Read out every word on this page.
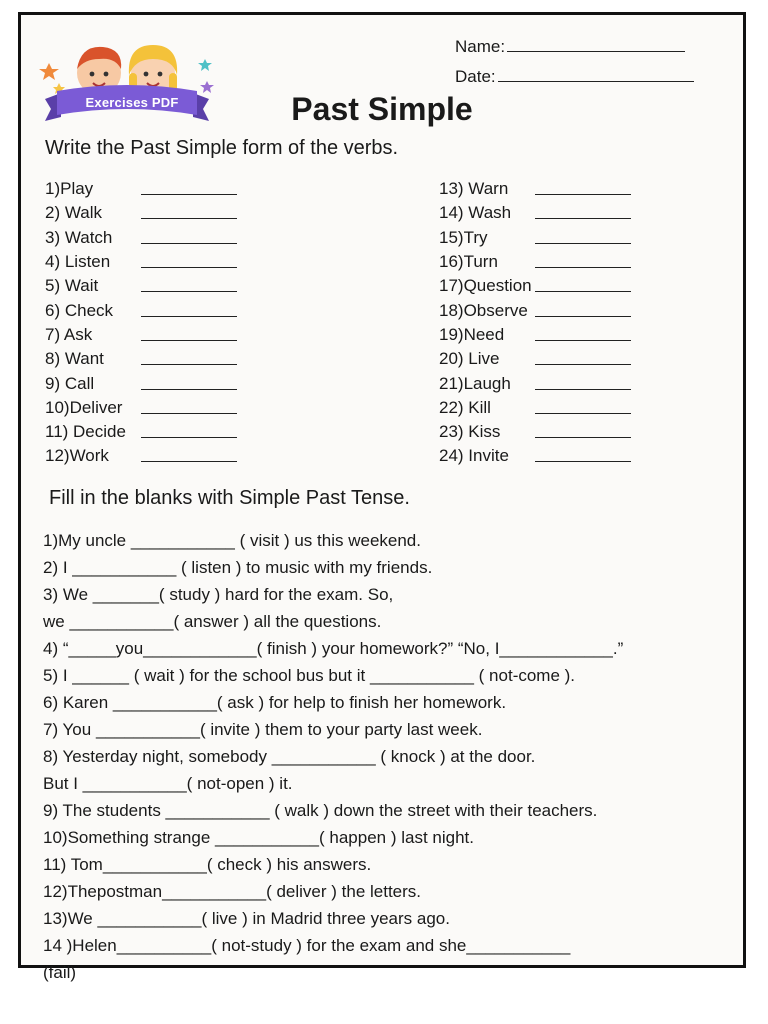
Exercises PDF
Name:
Date:
Past Simple
Write the Past Simple form of the verbs.
1)Play
2) Walk
3) Watch
4) Listen
5) Wait
6) Check
7) Ask
8) Want
9) Call
10)Deliver
11) Decide
12)Work
13) Warn
14) Wash
15)Try
16)Turn
17)Question
18)Observe
19)Need
20) Live
21)Laugh
22) Kill
23) Kiss
24) Invite
Fill in the blanks with Simple Past Tense.
1)My uncle ___________ ( visit ) us this weekend.
2) I ___________ ( listen ) to music with my friends.
3) We _______( study ) hard for the exam. So,
we ___________( answer ) all the questions.
4) “_____you____________( finish ) your homework?” “No, I____________.”
5) I ______ ( wait ) for the school bus but it ___________ ( not-come ).
6) Karen ___________( ask ) for help to finish her homework.
7) You ___________( invite ) them to your party last week.
8) Yesterday night, somebody ___________ ( knock ) at the door.
But I ___________( not-open ) it.
9) The students ___________ ( walk ) down the street with their teachers.
10)Something strange ___________( happen ) last night.
11) Tom___________( check ) his answers.
12)Thepostman___________( deliver ) the letters.
13)We ___________( live ) in Madrid three years ago.
14 )Helen__________( not-study ) for the exam and she___________
(fail)
